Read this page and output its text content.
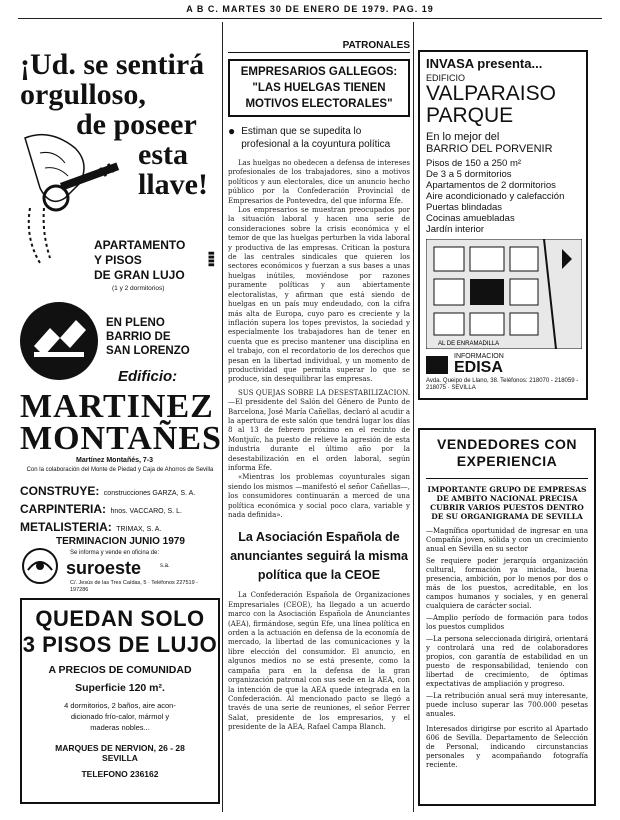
A B C. MARTES 30 DE ENERO DE 1979. PAG. 19
¡Ud. se sentirá
orgulloso,
de poseer
esta
llave!
APARTAMENTO
Y PISOS
DE GRAN LUJO
(1 y 2 dormitorios)
▮▮▮▮
EN PLENO
BARRIO DE
SAN LORENZO
Edificio:
MARTINEZ
MONTAÑES
Martínez Montañés, 7-3
Con la colaboración del Monte de Piedad y Caja de Ahorros de Sevilla
CONSTRUYE: construcciones GARZA, S. A.
CARPINTERIA: hnos. VACCARO, S. L.
METALISTERIA: TRIMAX, S. A.
TERMINACION JUNIO 1979
Se informa y vende en oficina de:
suroeste	s.a.
C/. Jesús de las Tres Caídas, 5 · Teléfonos 227519 - 197286
QUEDAN SOLO
3 PISOS DE LUJO
A PRECIOS DE COMUNIDAD
Superficie 120 m².
4 dormitorios, 2 baños, aire acon-
dicionado frío-calor, mármol y
maderas nobles...
MARQUES DE NERVION, 26 - 28
SEVILLA
TELEFONO 236162
PATRONALES
EMPRESARIOS GALLEGOS: "LAS HUELGAS TIENEN MOTIVOS ELECTORALES"
● Estiman que se supedita lo profesional a la coyuntura política

Las huelgas no obedecen a defensa de intereses profesionales de los trabajadores, sino a motivos políticos y aun electorales, dice un anuncio hecho público por la Confederación Provincial de Empresarios de Pontevedra, del que informa Efe.

Los empresarios se muestran preocupados por la situación laboral y hacen una serie de consideraciones sobre la crisis económica y el temor de que las huelgas perturben la vida laboral y productiva de las empresas. Critican la postura de las centrales sindicales que quieren los sectores económicos y fuerzan a sus bases a unas huelgas inútiles, moviéndose por razones puramente políticas y aun abiertamente electoralistas, y afirman que está siendo de huelgas en un país muy endeudado, con la cifra más alta de Europa, cuyo paro es creciente y la inflación supera los topes previstos, la sociedad y especialmente los trabajadores han de tener en cuenta que es preciso mantener una disciplina en el trabajo, con el recordatorio de los derechos que pesan en la libertad individual, y un momento de productividad que permita superar lo que se produce, sin desequilibrar las empresas.

SUS QUEJAS SOBRE LA DESESTABILIZACION.—El presidente del Salón del Género de Punto de Barcelona, José María Cañellas, declaró al acudir a la apertura de este salón que tendrá lugar los días 8 al 13 de febrero próximo en el recinto de Montjuïc, ha puesto de relieve la agresión de esta industria durante el último año por la desestabilización en el orden laboral, según informa Efe.

«Mientras los problemas coyunturales sigan siendo los mismos —manifestó el señor Cañellas—, los consumidores continuarán a merced de una política económica y social poco clara, variable y nada definida».

La Asociación Española de anunciantes seguirá la misma política que la CEOE

La Confederación Española de Organizaciones Empresariales (CEOE), ha llegado a un acuerdo marco con la Asociación Española de Anunciantes (AEA), firmándose, según Efe, una línea política en orden a la actuación en defensa de la economía de mercado, la libertad de las comunicaciones y la libre elección del consumidor. El anuncio, en algunos medios no se está presente, como la campaña para en la defensa de la gran organización patronal con sus sede en la AEA, con la intención de que la AEA quede integrada en la Confederación. Al mencionado pacto se llegó a través de una serie de reuniones, el señor Ferrer Salat, presidente de los empresarios, y el presidente de la AEA, Rafael Campa Blanch.

INVASA presenta...
EDIFICIO
VALPARAISO
PARQUE
En lo mejor del
BARRIO DEL PORVENIR
Pisos de 150 a 250 m²
De 3 a 5 dormitorios
Apartamentos de 2 dormitorios
Aire acondicionado y calefacción
Puertas blindadas
Cocinas amuebladas
Jardín interior
AL DE ENRAMADILLA
INFORMACION
EDISA
Avda. Queipo de Llano, 38. Teléfonos: 218070 - 218059 - 218075 · SEVILLA
VENDEDORES CON
EXPERIENCIA
IMPORTANTE GRUPO DE EMPRESAS DE AMBITO NACIONAL PRECISA CUBRIR VARIOS PUESTOS DENTRO DE SU ORGANIGRAMA DE SEVILLA

—Magnífica oportunidad de ingresar en una Compañía joven, sólida y con un crecimiento anual en Sevilla en su sector

Se requiere poder jerarquía organización cultural, formación ya iniciada, buena presencia, ambición, por lo menos por dos o más de los puestos, acreditable, en los campos humanos y sociales, y en general cualquiera de carácter social.

—Amplio período de formación para todos los puestos cumplidos

—La persona seleccionada dirigirá, orientará y controlará una red de colaboradores propios, con garantía de estabilidad en un puesto de responsabilidad, teniendo con libertad de crecimiento, de óptimas expectativas de ampliación y progreso.

—La retribución anual será muy interesante, puede incluso superar las 700.000 pesetas anuales.

Interesados dirigirse por escrito al Apartado 606 de Sevilla. Departamento de Selección de Personal, indicando circunstancias personales y acompañando fotografía reciente.
